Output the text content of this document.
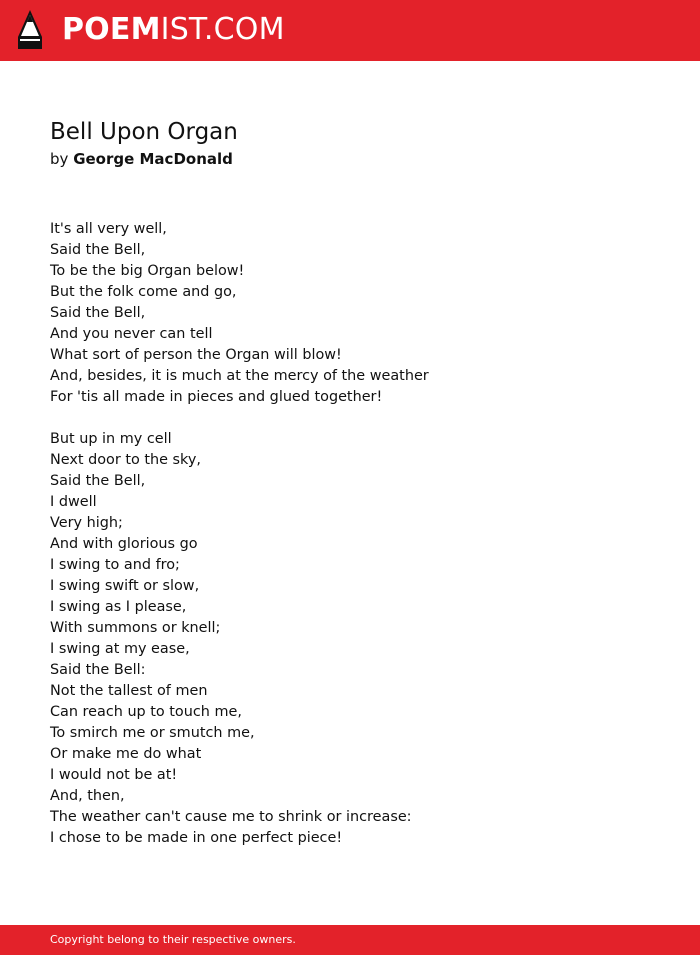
POEMIST.COM
Bell Upon Organ
by George MacDonald
It's all very well,
Said the Bell,
To be the big Organ below!
But the folk come and go,
Said the Bell,
And you never can tell
What sort of person the Organ will blow!
And, besides, it is much at the mercy of the weather
For 'tis all made in pieces and glued together!
But up in my cell
Next door to the sky,
Said the Bell,
I dwell
Very high;
And with glorious go
I swing to and fro;
I swing swift or slow,
I swing as I please,
With summons or knell;
I swing at my ease,
Said the Bell:
Not the tallest of men
Can reach up to touch me,
To smirch me or smutch me,
Or make me do what
I would not be at!
And, then,
The weather can't cause me to shrink or increase:
I chose to be made in one perfect piece!
Copyright belong to their respective owners.
